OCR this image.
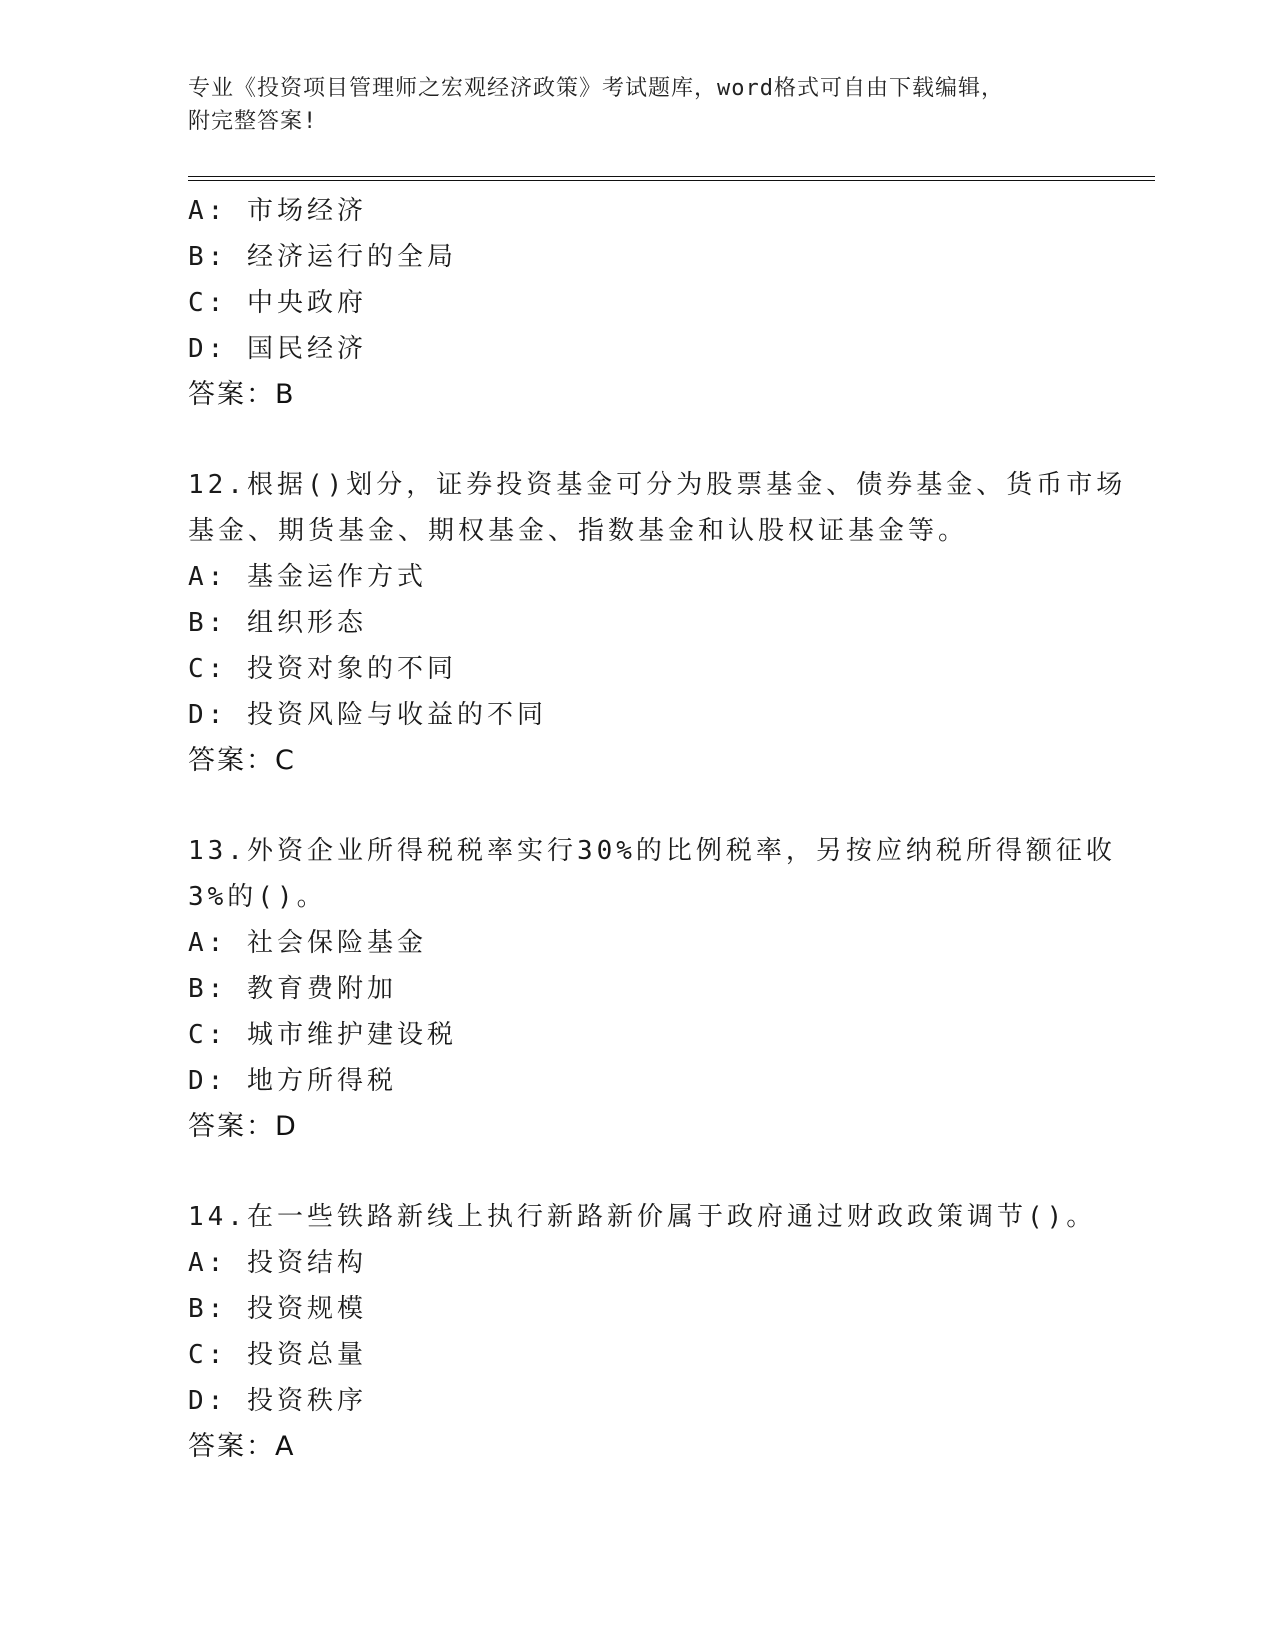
专业《投资项目管理师之宏观经济政策》考试题库，word格式可自由下载编辑，
附完整答案!
A: 市场经济
B: 经济运行的全局
C: 中央政府
D: 国民经济
答案：B
12.根据()划分，证券投资基金可分为股票基金、债券基金、货币市场
基金、期货基金、期权基金、指数基金和认股权证基金等。
A: 基金运作方式
B: 组织形态
C: 投资对象的不同
D: 投资风险与收益的不同
答案：C
13.外资企业所得税税率实行30%的比例税率，另按应纳税所得额征收
3%的()。
A: 社会保险基金
B: 教育费附加
C: 城市维护建设税
D: 地方所得税
答案：D
14.在一些铁路新线上执行新路新价属于政府通过财政政策调节()。
A: 投资结构
B: 投资规模
C: 投资总量
D: 投资秩序
答案：A
